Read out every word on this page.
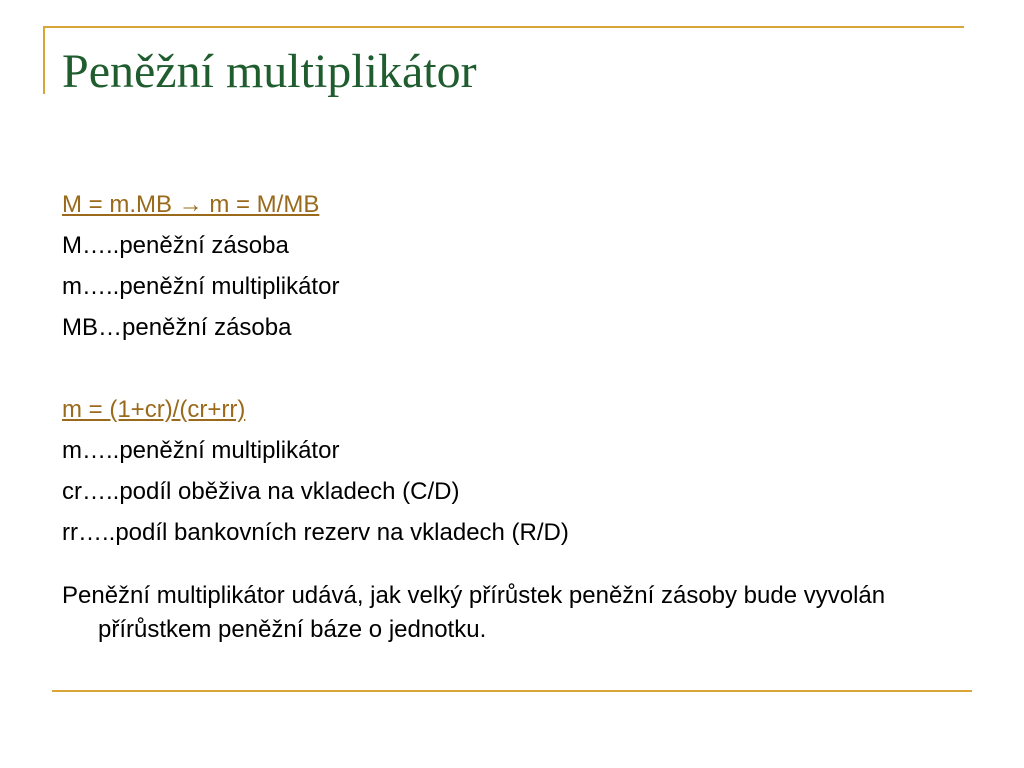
Peněžní multiplikátor
M = m.MB → m = M/MB
M…..peněžní zásoba
m…..peněžní multiplikátor
MB…peněžní zásoba
m = (1+cr)/(cr+rr)
m…..peněžní multiplikátor
cr…..podíl oběživa na vkladech (C/D)
rr…..podíl bankovních rezerv na vkladech (R/D)
Peněžní multiplikátor udává, jak velký přírůstek peněžní zásoby bude vyvolán přírůstkem peněžní báze o jednotku.
